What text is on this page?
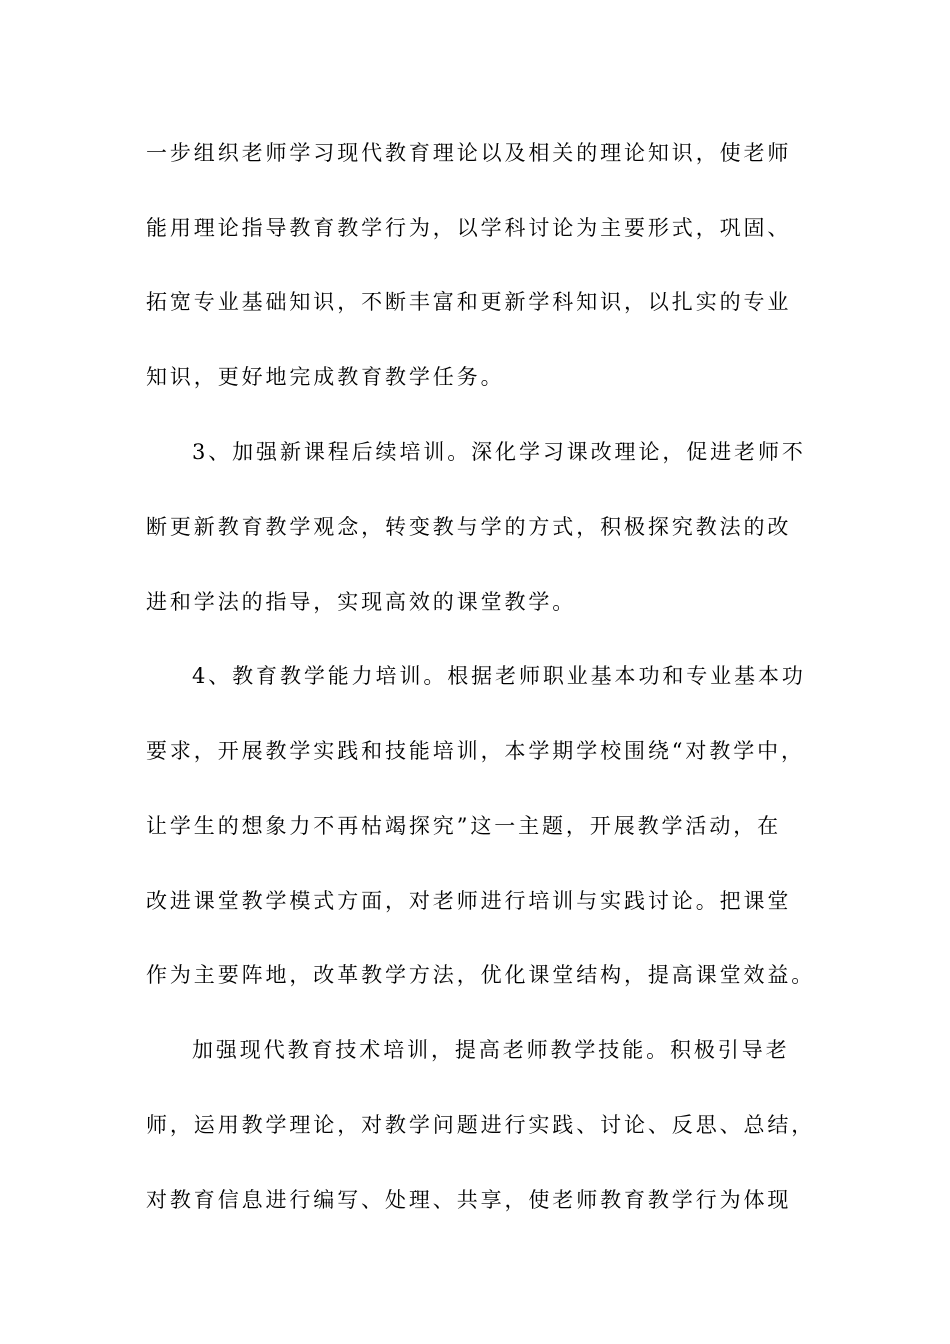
一步组织老师学习现代教育理论以及相关的理论知识，使老师
能用理论指导教育教学行为，以学科讨论为主要形式，巩固、
拓宽专业基础知识，不断丰富和更新学科知识，以扎实的专业
知识，更好地完成教育教学任务。
3、加强新课程后续培训。深化学习课改理论，促进老师不
断更新教育教学观念，转变教与学的方式，积极探究教法的改
进和学法的指导，实现高效的课堂教学。
4、教育教学能力培训。根据老师职业基本功和专业基本功
要求，开展教学实践和技能培训，本学期学校围绕“对教学中，
让学生的想象力不再枯竭探究”这一主题，开展教学活动，在
改进课堂教学模式方面，对老师进行培训与实践讨论。把课堂
作为主要阵地，改革教学方法，优化课堂结构，提高课堂效益。
加强现代教育技术培训，提高老师教学技能。积极引导老
师，运用教学理论，对教学问题进行实践、讨论、反思、总结，
对教育信息进行编写、处理、共享，使老师教育教学行为体现
